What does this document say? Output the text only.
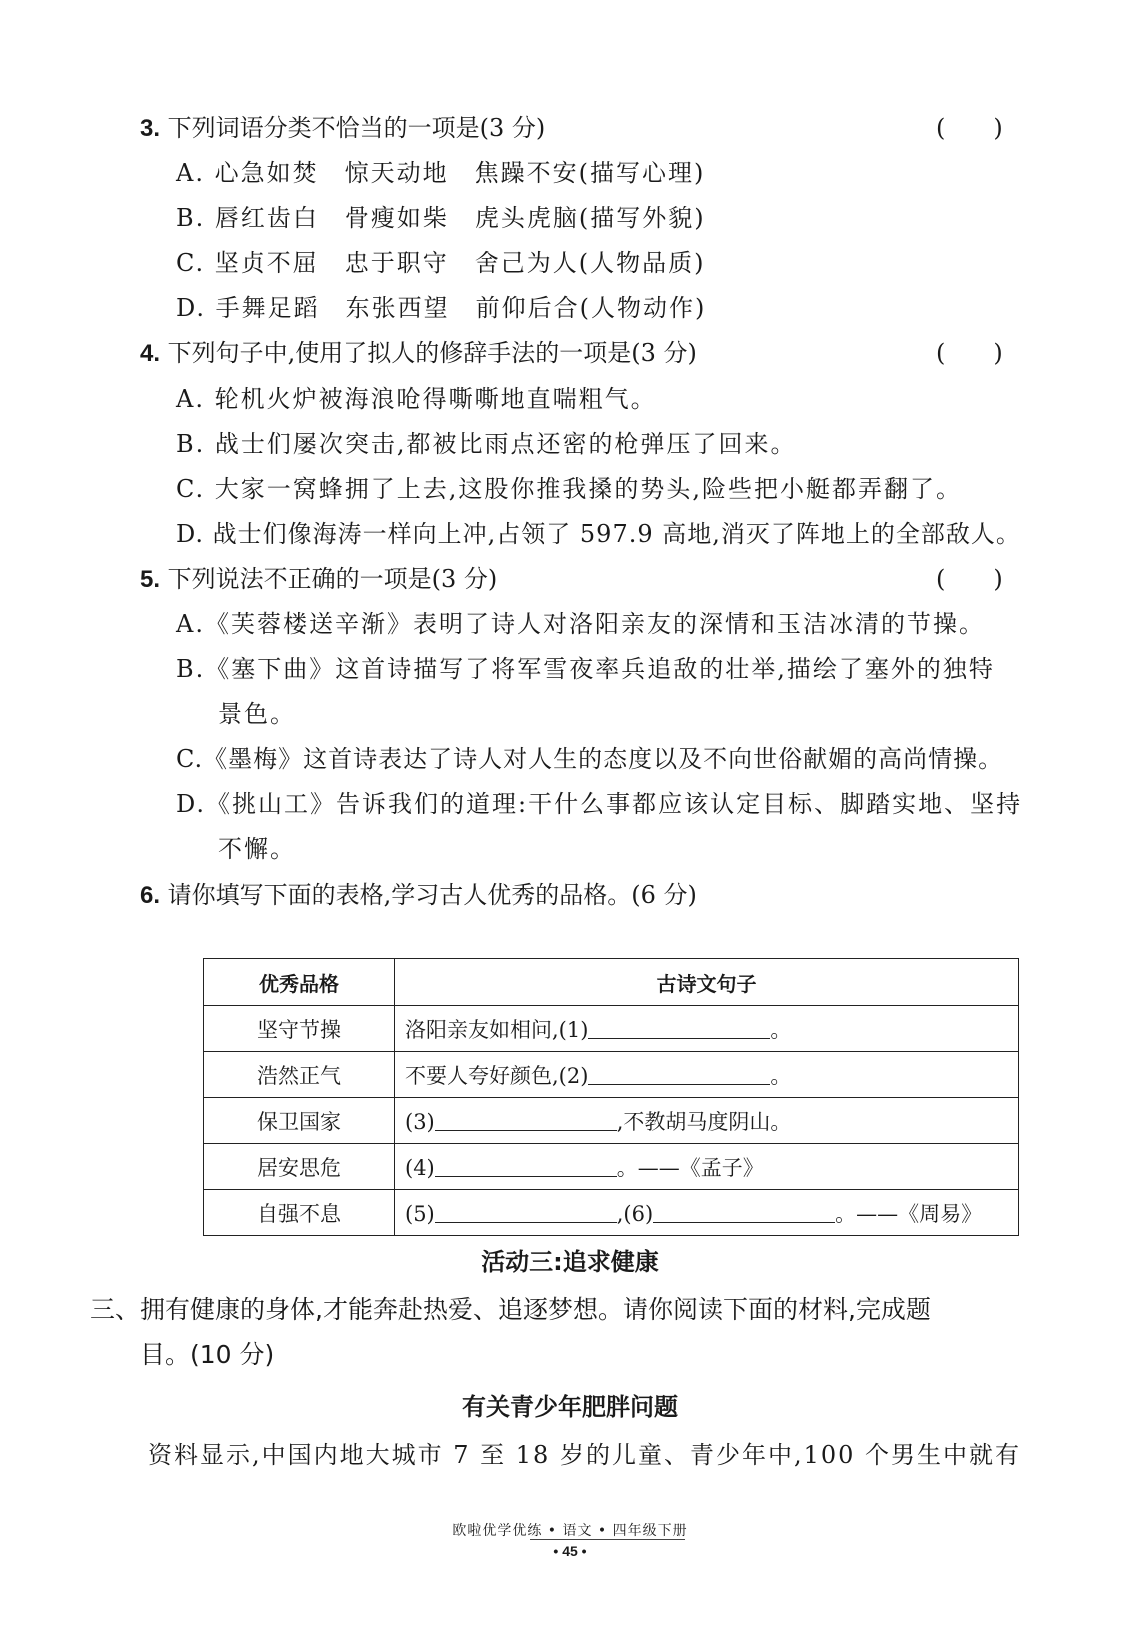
3. 下列词语分类不恰当的一项是(3 分)	(　　)
A. 心急如焚　惊天动地　焦躁不安(描写心理)
B. 唇红齿白　骨瘦如柴　虎头虎脑(描写外貌)
C. 坚贞不屈　忠于职守　舍己为人(人物品质)
D. 手舞足蹈　东张西望　前仰后合(人物动作)
4. 下列句子中,使用了拟人的修辞手法的一项是(3 分)	(　　)
A. 轮机火炉被海浪呛得嘶嘶地直喘粗气。
B. 战士们屡次突击,都被比雨点还密的枪弹压了回来。
C. 大家一窝蜂拥了上去,这股你推我搡的势头,险些把小艇都弄翻了。
D. 战士们像海涛一样向上冲,占领了 597.9 高地,消灭了阵地上的全部敌人。
5. 下列说法不正确的一项是(3 分)	(　　)
A.《芙蓉楼送辛渐》表明了诗人对洛阳亲友的深情和玉洁冰清的节操。
B.《塞下曲》这首诗描写了将军雪夜率兵追敌的壮举,描绘了塞外的独特
景色。
C.《墨梅》这首诗表达了诗人对人生的态度以及不向世俗献媚的高尚情操。
D.《挑山工》告诉我们的道理:干什么事都应该认定目标、脚踏实地、坚持
不懈。
6. 请你填写下面的表格,学习古人优秀的品格。(6 分)
优秀品格	古诗文句子
坚守节操	洛阳亲友如相问,(1) 。
浩然正气	不要人夸好颜色,(2) 。
保卫国家	(3) ,不教胡马度阴山。
居安思危	(4) 。——《孟子》
自强不息	(5) ,(6) 。——《周易》
活动三:追求健康
三、拥有健康的身体,才能奔赴热爱、追逐梦想。请你阅读下面的材料,完成题
目。(10 分)
有关青少年肥胖问题
资料显示,中国内地大城市 7 至 18 岁的儿童、青少年中,100 个男生中就有
欧啦优学优练 • 语文 • 四年级下册
• 45 •
